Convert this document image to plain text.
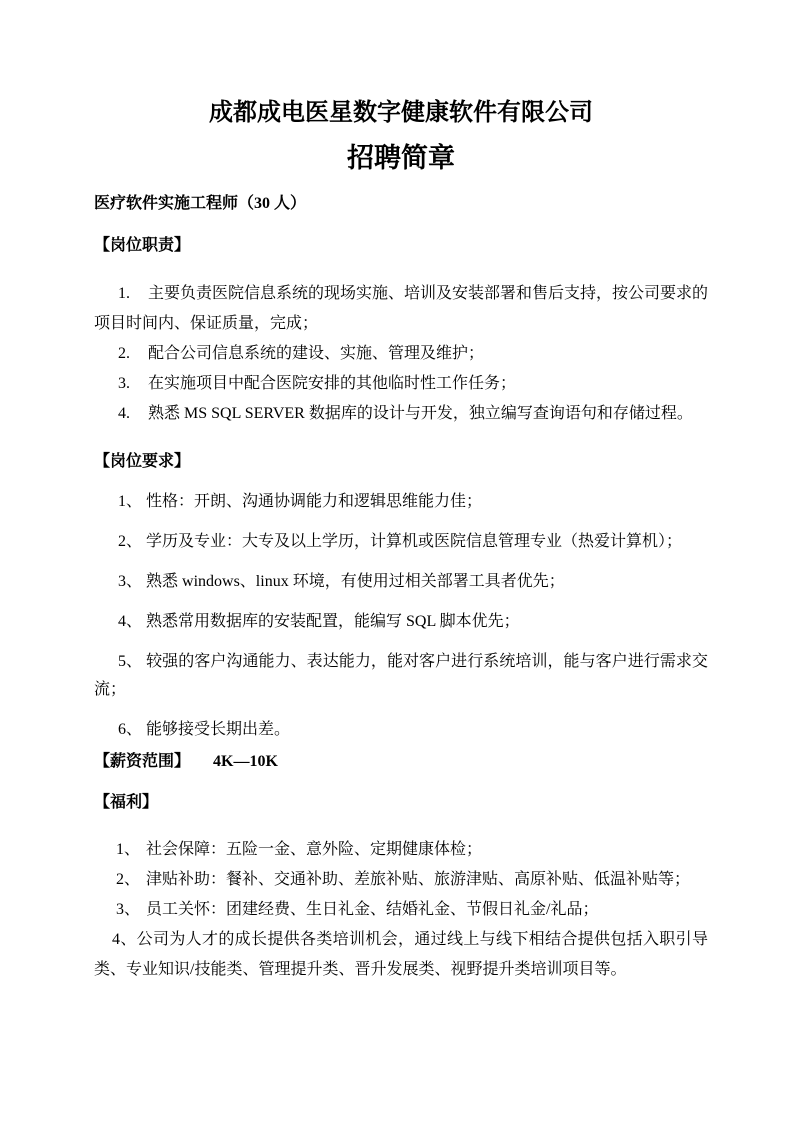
成都成电医星数字健康软件有限公司
招聘简章

医疗软件实施工程师（30 人）

【岗位职责】

1. 主要负责医院信息系统的现场实施、培训及安装部署和售后支持，按公司要求的项目时间内、保证质量，完成；

2. 配合公司信息系统的建设、实施、管理及维护；

3. 在实施项目中配合医院安排的其他临时性工作任务；

4. 熟悉 MS SQL SERVER 数据库的设计与开发，独立编写查询语句和存储过程。

【岗位要求】

1、 性格：开朗、沟通协调能力和逻辑思维能力佳；

2、 学历及专业：大专及以上学历，计算机或医院信息管理专业（热爱计算机）；

3、 熟悉 windows、linux 环境，有使用过相关部署工具者优先；

4、 熟悉常用数据库的安装配置，能编写 SQL 脚本优先；

5、 较强的客户沟通能力、表达能力，能对客户进行系统培训，能与客户进行需求交流；

6、 能够接受长期出差。

【薪资范围】 4K—10K

【福利】

1、 社会保障：五险一金、意外险、定期健康体检；

2、 津贴补助：餐补、交通补助、差旅补贴、旅游津贴、高原补贴、低温补贴等；

3、 员工关怀：团建经费、生日礼金、结婚礼金、节假日礼金/礼品；

4、公司为人才的成长提供各类培训机会，通过线上与线下相结合提供包括入职引导类、专业知识/技能类、管理提升类、晋升发展类、视野提升类培训项目等。
